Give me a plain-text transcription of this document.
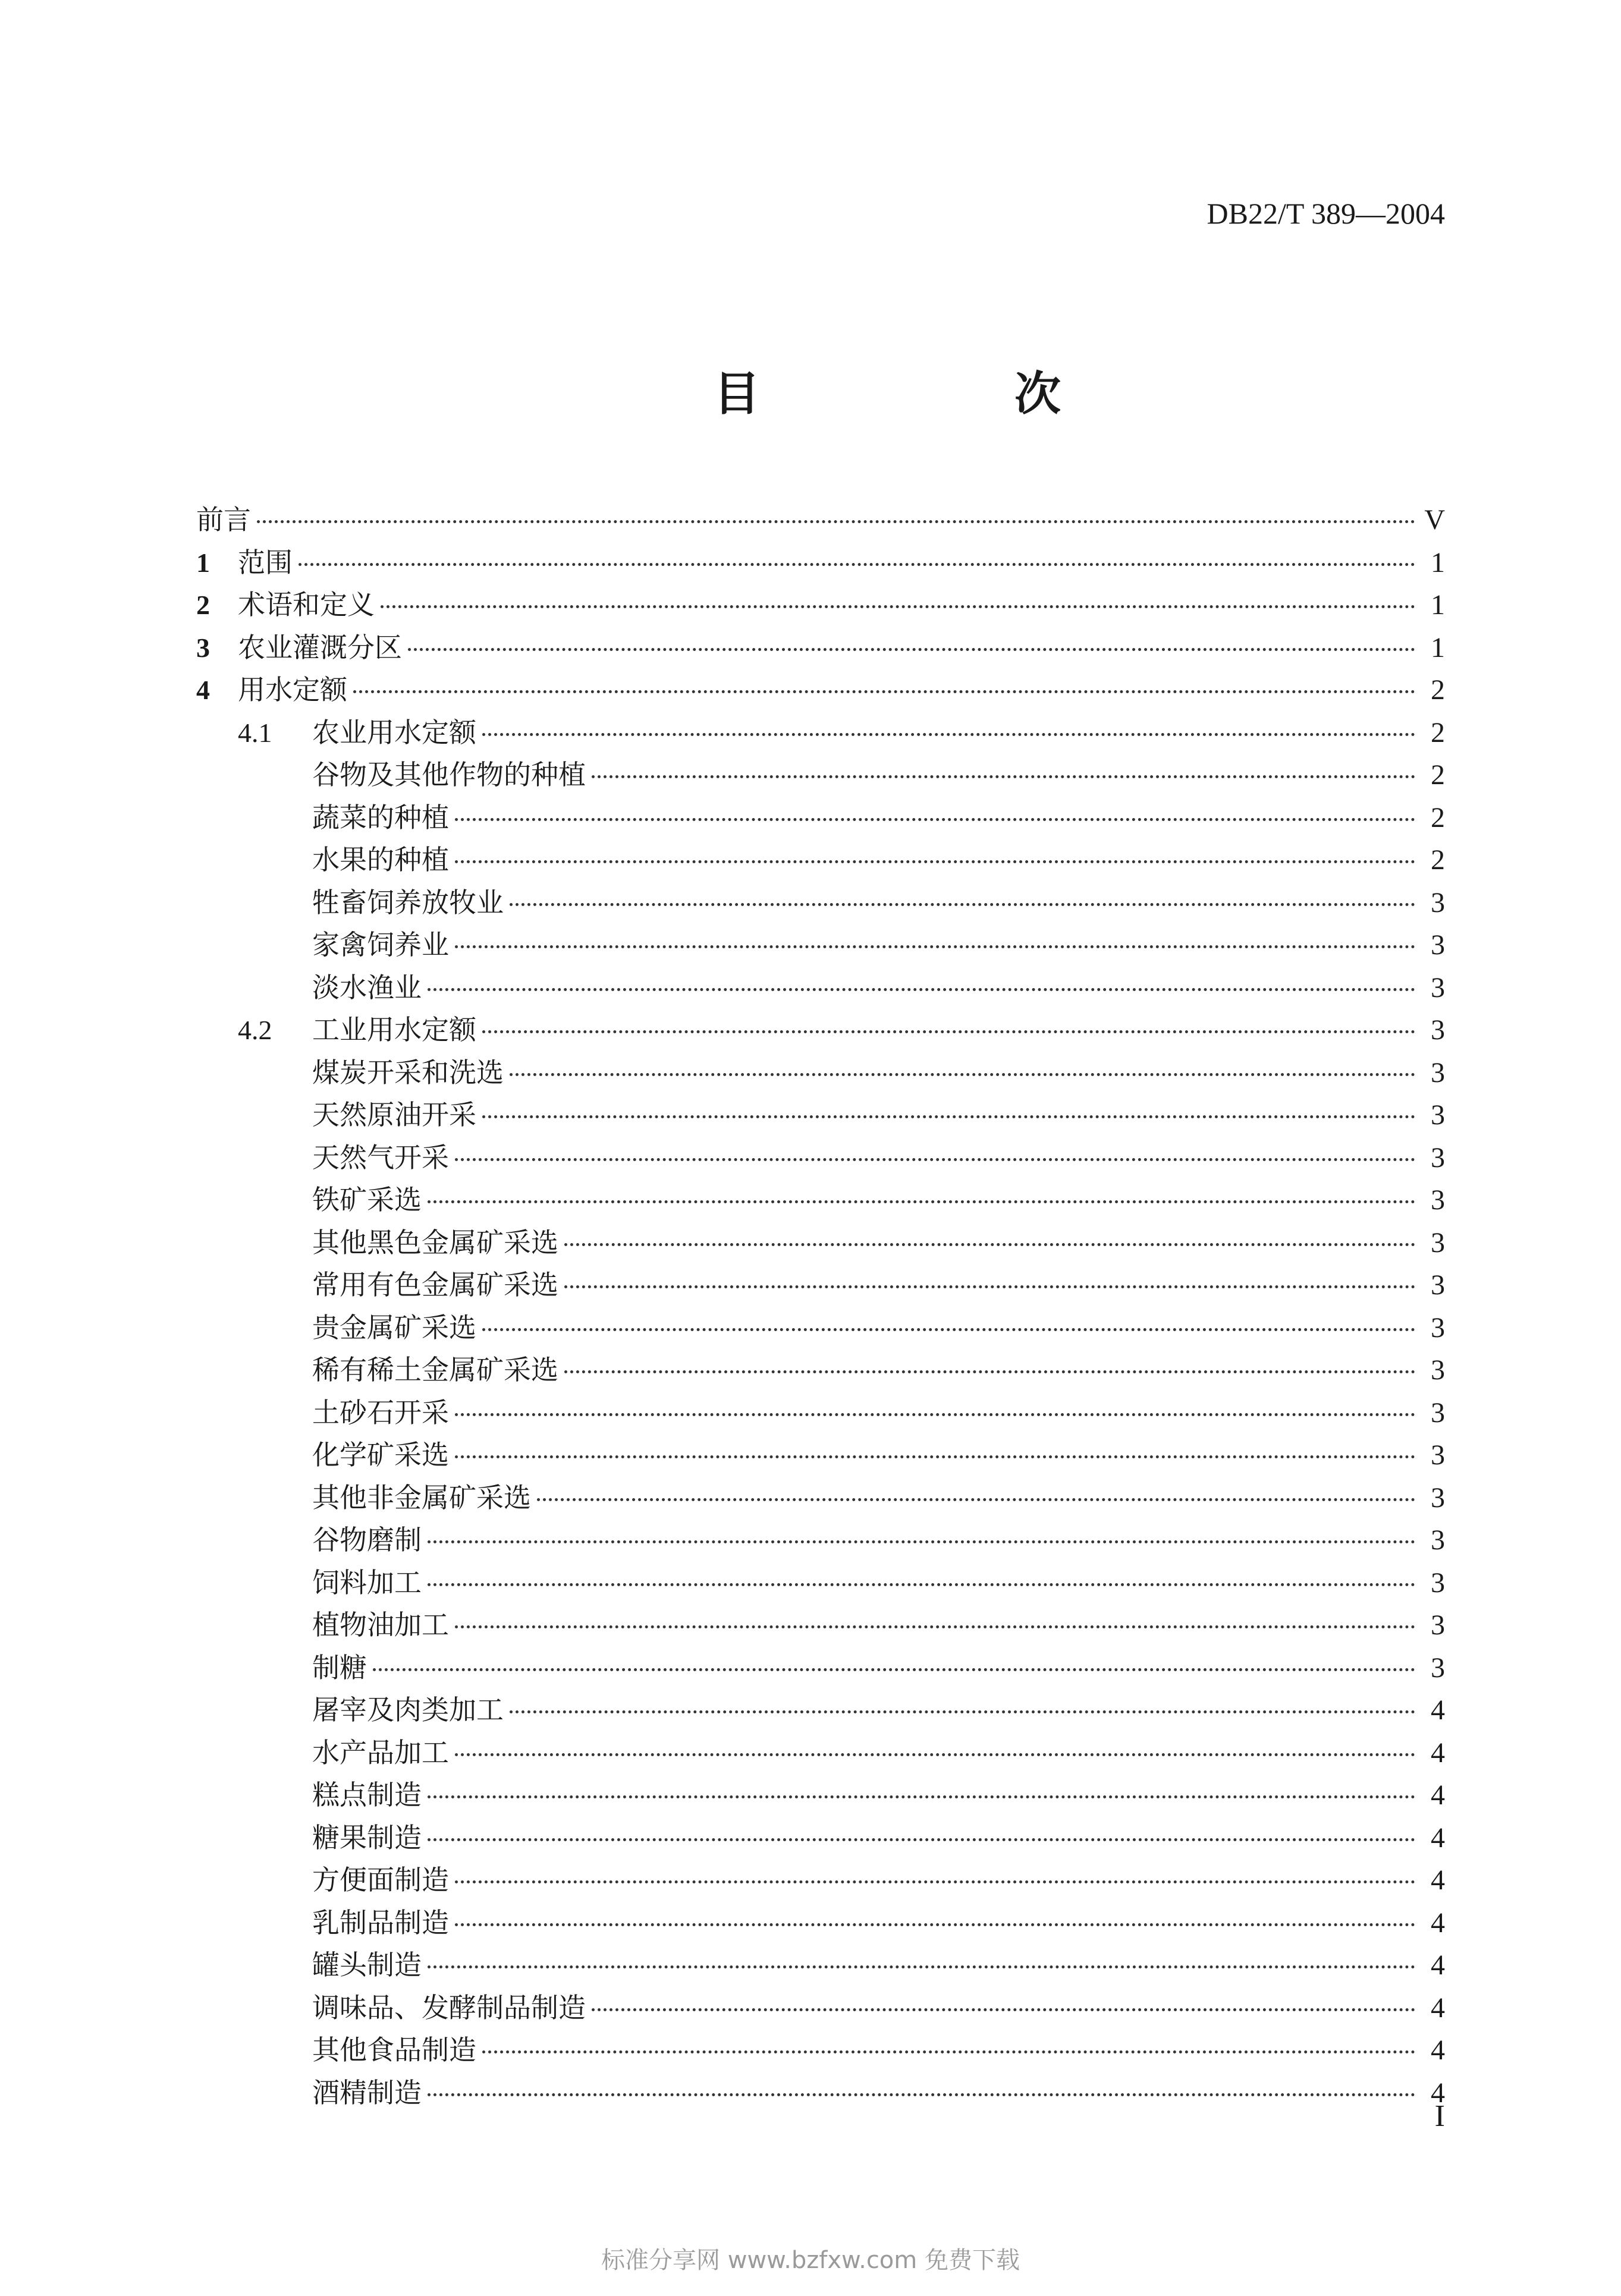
DB22/T 389—2004
目　次
前言	V
1	范围	1
2	术语和定义	1
3	农业灌溉分区	1
4	用水定额	2
4.1	农业用水定额	2
谷物及其他作物的种植	2
蔬菜的种植	2
水果的种植	2
牲畜饲养放牧业	3
家禽饲养业	3
淡水渔业	3
4.2	工业用水定额	3
煤炭开采和洗选	3
天然原油开采	3
天然气开采	3
铁矿采选	3
其他黑色金属矿采选	3
常用有色金属矿采选	3
贵金属矿采选	3
稀有稀土金属矿采选	3
土砂石开采	3
化学矿采选	3
其他非金属矿采选	3
谷物磨制	3
饲料加工	3
植物油加工	3
制糖	3
屠宰及肉类加工	4
水产品加工	4
糕点制造	4
糖果制造	4
方便面制造	4
乳制品制造	4
罐头制造	4
调味品、发酵制品制造	4
其他食品制造	4
酒精制造	4
I
标准分享网 www.bzfxw.com 免费下载
